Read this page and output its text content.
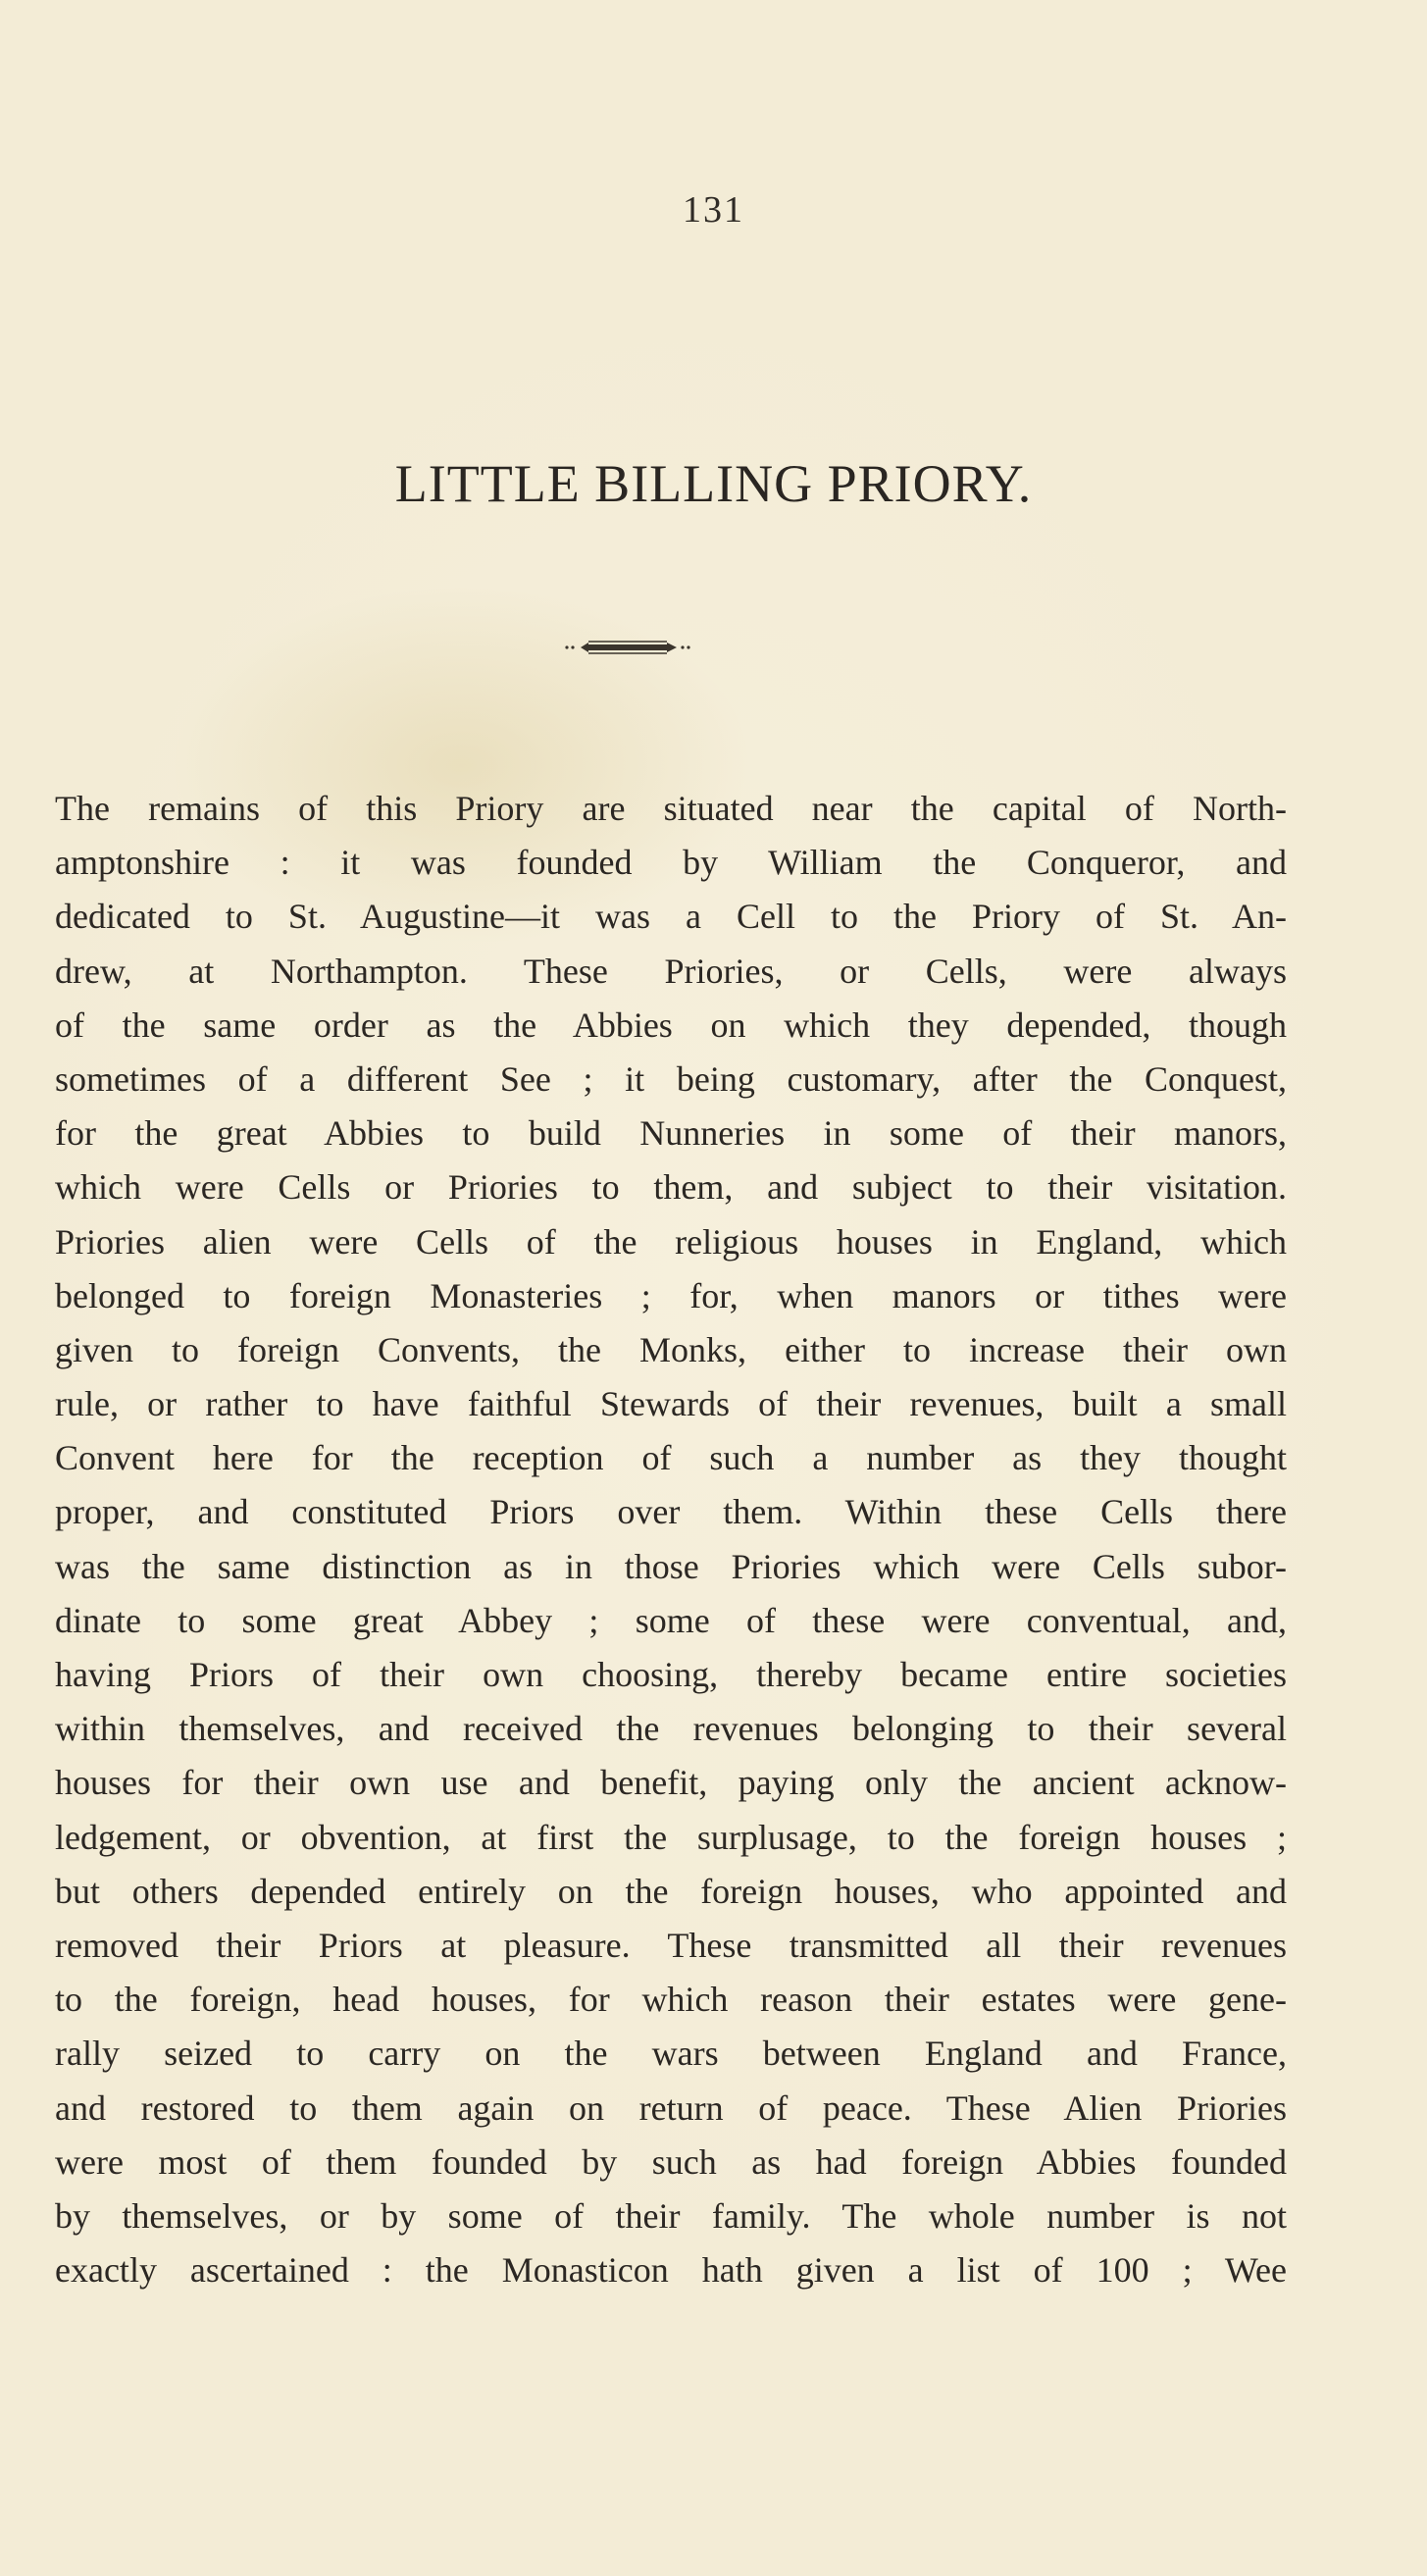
131
LITTLE BILLING PRIORY.
The remains of this Priory are situated near the capital of North-
amptonshire : it was founded by William the Conqueror, and
dedicated to St. Augustine—it was a Cell to the Priory of St. An-
drew, at Northampton. These Priories, or Cells, were always
of the same order as the Abbies on which they depended, though
sometimes of a different See ; it being customary, after the Conquest,
for the great Abbies to build Nunneries in some of their manors,
which were Cells or Priories to them, and subject to their visitation.
Priories alien were Cells of the religious houses in England, which
belonged to foreign Monasteries ; for, when manors or tithes were
given to foreign Convents, the Monks, either to increase their own
rule, or rather to have faithful Stewards of their revenues, built a small
Convent here for the reception of such a number as they thought
proper, and constituted Priors over them. Within these Cells there
was the same distinction as in those Priories which were Cells subor-
dinate to some great Abbey ; some of these were conventual, and,
having Priors of their own choosing, thereby became entire societies
within themselves, and received the revenues belonging to their several
houses for their own use and benefit, paying only the ancient acknow-
ledgement, or obvention, at first the surplusage, to the foreign houses ;
but others depended entirely on the foreign houses, who appointed and
removed their Priors at pleasure. These transmitted all their revenues
to the foreign, head houses, for which reason their estates were gene-
rally seized to carry on the wars between England and France,
and restored to them again on return of peace. These Alien Priories
were most of them founded by such as had foreign Abbies founded
by themselves, or by some of their family. The whole number is not
exactly ascertained : the Monasticon hath given a list of 100 ; Wee
